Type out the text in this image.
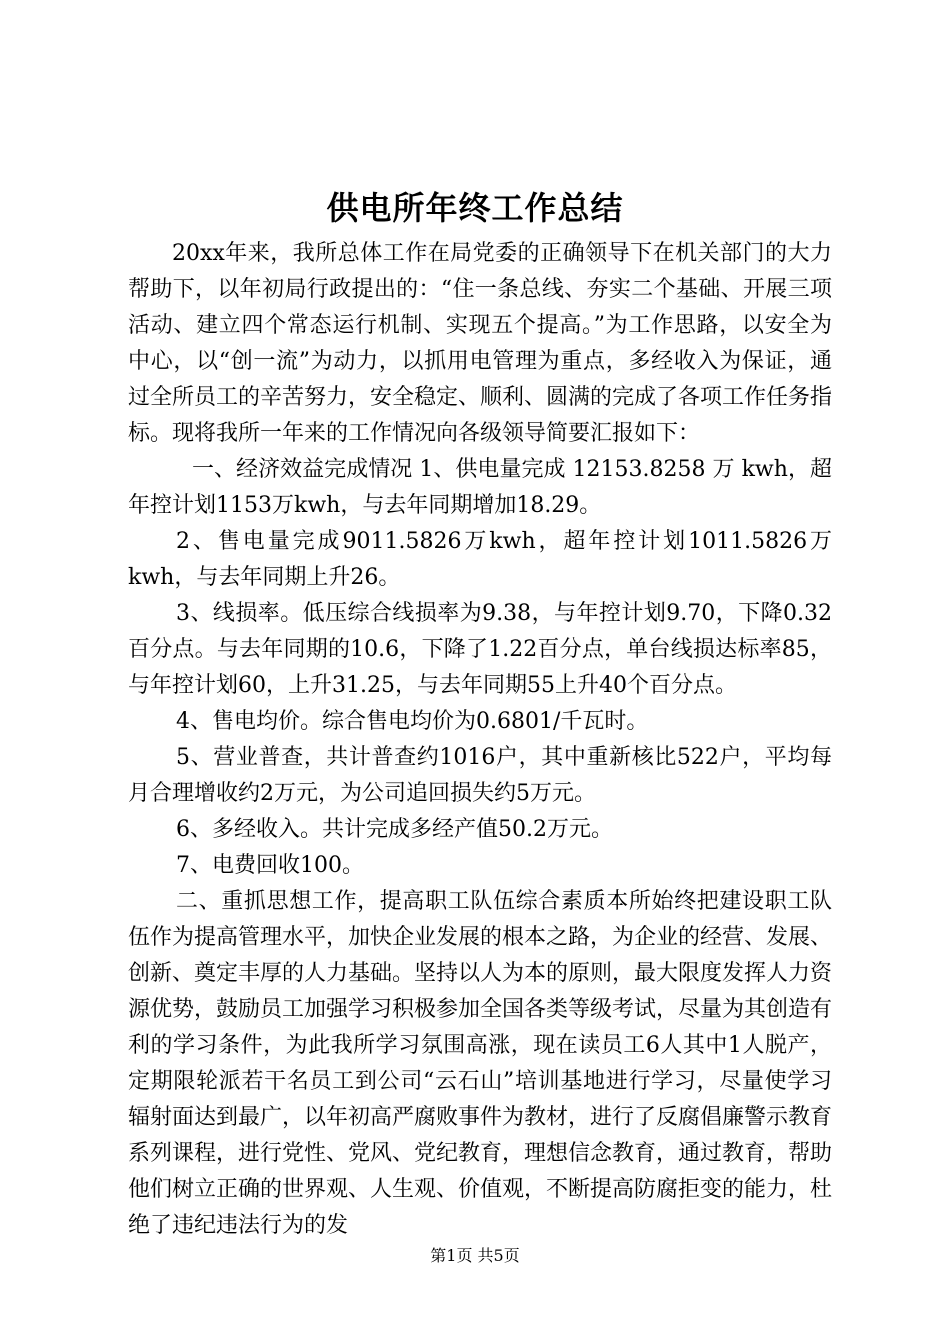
供电所年终工作总结

20xx年来，我所总体工作在局党委的正确领导下在机关部门的大力帮助下，以年初局行政提出的：“住一条总线、夯实二个基础、开展三项活动、建立四个常态运行机制、实现五个提高。”为工作思路，以安全为中心，以“创一流”为动力，以抓用电管理为重点，多经收入为保证，通过全所员工的辛苦努力，安全稳定、顺利、圆满的完成了各项工作任务指标。现将我所一年来的工作情况向各级领导简要汇报如下：

一、经济效益完成情况 1、供电量完成 12153.8258 万 kwh，超年控计划1153万kwh，与去年同期增加18.29。

2、售电量完成9011.5826万kwh，超年控计划1011.5826万kwh，与去年同期上升26。

3、线损率。低压综合线损率为9.38，与年控计划9.70，下降0.32百分点。与去年同期的10.6，下降了1.22百分点，单台线损达标率85，与年控计划60，上升31.25，与去年同期55上升40个百分点。

4、售电均价。综合售电均价为0.6801/千瓦时。

5、营业普查，共计普查约1016户，其中重新核比522户，平均每月合理增收约2万元，为公司追回损失约5万元。

6、多经收入。共计完成多经产值50.2万元。

7、电费回收100。

二、重抓思想工作，提高职工队伍综合素质本所始终把建设职工队伍作为提高管理水平，加快企业发展的根本之路，为企业的经营、发展、创新、奠定丰厚的人力基础。坚持以人为本的原则，最大限度发挥人力资源优势，鼓励员工加强学习积极参加全国各类等级考试，尽量为其创造有利的学习条件，为此我所学习氛围高涨，现在读员工6人其中1人脱产，定期限轮派若干名员工到公司“云石山”培训基地进行学习，尽量使学习辐射面达到最广，以年初高严腐败事件为教材，进行了反腐倡廉警示教育系列课程，进行党性、党风、党纪教育，理想信念教育，通过教育，帮助他们树立正确的世界观、人生观、价值观，不断提高防腐拒变的能力，杜绝了违纪违法行为的发

第1页 共5页
